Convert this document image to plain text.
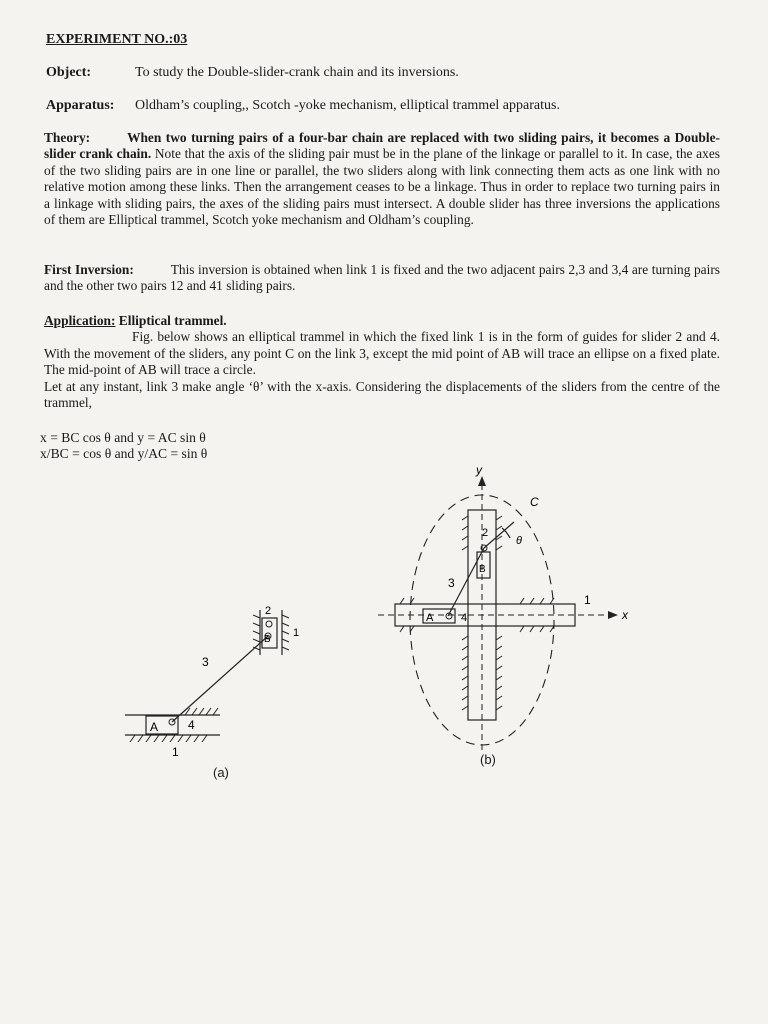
EXPERIMENT NO.:03
Object:	To study the Double-slider-crank chain and its inversions.
Apparatus: Oldham’s coupling,, Scotch -yoke mechanism, elliptical trammel apparatus.
Theory:	When two turning pairs of a four-bar chain are replaced with two sliding pairs, it becomes a Double-slider crank chain. Note that the axis of the sliding pair must be in the plane of the linkage or parallel to it. In case, the axes of the two sliding pairs are in one line or parallel, the two sliders along with link connecting them acts as one link with no relative motion among these links. Then the arrangement ceases to be a linkage. Thus in order to replace two turning pairs in a linkage with sliding pairs, the axes of the sliding pairs must intersect. A double slider has three inversions the applications of them are Elliptical trammel, Scotch yoke mechanism and Oldham’s coupling.
First Inversion:	This inversion is obtained when link 1 is fixed and the two adjacent pairs 2,3 and 3,4 are turning pairs and the other two pairs 12 and 41 sliding pairs.
Application: Elliptical trammel.
Fig. below shows an elliptical trammel in which the fixed link 1 is in the form of guides for slider 2 and 4. With the movement of the sliders, any point C on the link 3, except the mid point of AB will trace an ellipse on a fixed plate. The mid-point of AB will trace a circle.
Let at any instant, link 3 make angle ‘θ’ with the x-axis. Considering the displacements of the sliders from the centre of the trammel,
x = BC cos θ and y = AC sin θ
x/BC = cos θ and y/AC = sin θ
A
B
2
1
3
4
1
(a)
y
x
C
θ
A
B
2
3
4
1
(b)
